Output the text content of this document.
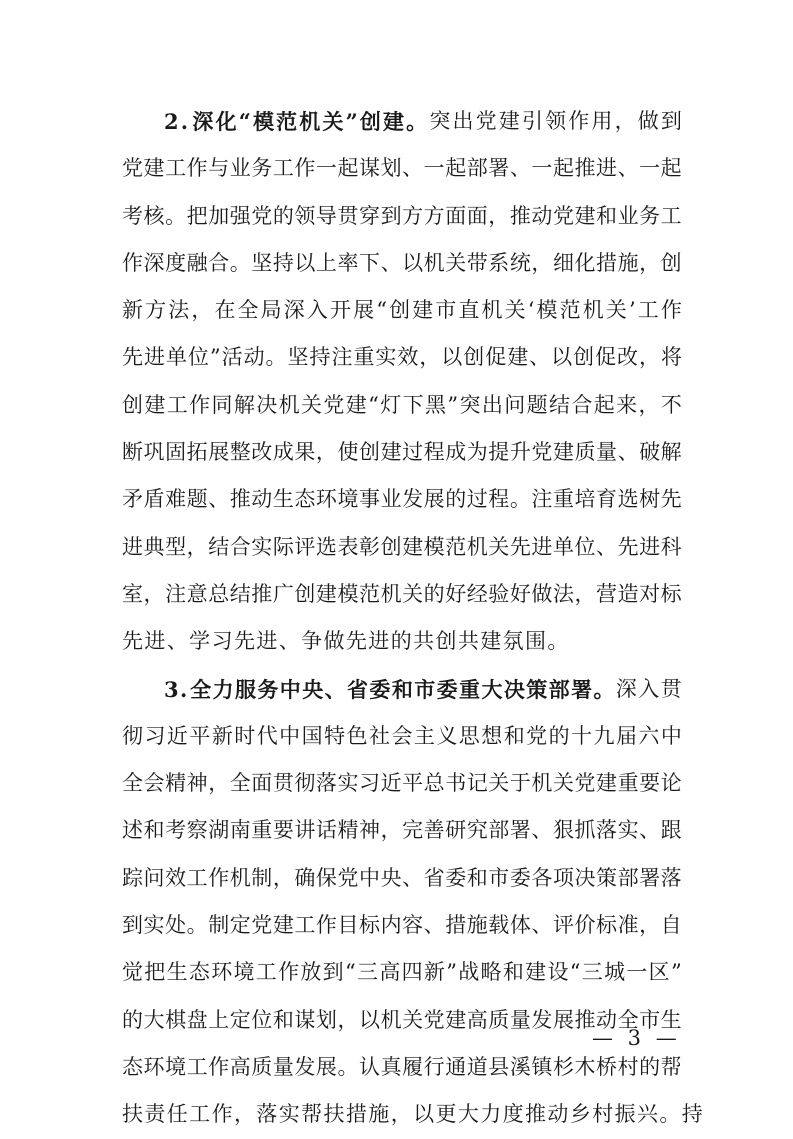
2 . 深 化 “ 模 范 机 关 ” 创 建 。 突 出 党 建 引 领 作 用 ， 做 到
党 建 工 作 与 业 务 工 作 一 起 谋 划 、 一 起 部 署 、 一 起 推 进 、 一 起
考 核 。 把 加 强 党 的 领 导 贯 穿 到 方 方 面 面 ， 推 动 党 建 和 业 务 工
作 深 度 融 合 。 坚 持 以 上 率 下 、 以 机 关 带 系 统 ， 细 化 措 施 ， 创
新 方 法 ， 在 全 局 深 入 开 展 “ 创 建 市 直 机 关 ‘ 模 范 机 关 ’ 工 作
先 进 单 位 ” 活 动 。 坚 持 注 重 实 效 ， 以 创 促 建 、 以 创 促 改 ， 将
创 建 工 作 同 解 决 机 关 党 建 “ 灯 下 黑 ” 突 出 问 题 结 合 起 来 ， 不
断 巩 固 拓 展 整 改 成 果 ， 使 创 建 过 程 成 为 提 升 党 建 质 量 、 破 解
矛 盾 难 题 、 推 动 生 态 环 境 事 业 发 展 的 过 程 。 注 重 培 育 选 树 先
进 典 型 ， 结 合 实 际 评 选 表 彰 创 建 模 范 机 关 先 进 单 位 、 先 进 科
室 ， 注 意 总 结 推 广 创 建 模 范 机 关 的 好 经 验 好 做 法 ， 营 造 对 标
先 进 、 学 习 先 进 、 争 做 先 进 的 共 创 共 建 氛 围 。
3 . 全 力 服 务 中 央 、 省 委 和 市 委 重 大 决 策 部 署 。 深 入 贯
彻 习 近 平 新 时 代 中 国 特 色 社 会 主 义 思 想 和 党 的 十 九 届 六 中
全 会 精 神 ， 全 面 贯 彻 落 实 习 近 平 总 书 记 关 于 机 关 党 建 重 要 论
述 和 考 察 湖 南 重 要 讲 话 精 神 ， 完 善 研 究 部 署 、 狠 抓 落 实 、 跟
踪 问 效 工 作 机 制 ， 确 保 党 中 央 、 省 委 和 市 委 各 项 决 策 部 署 落
到 实 处 。 制 定 党 建 工 作 目 标 内 容 、 措 施 载 体 、 评 价 标 准 ， 自
觉 把 生 态 环 境 工 作 放 到 “ 三 高 四 新 ” 战 略 和 建 设 “ 三 城 一 区 ”
的 大 棋 盘 上 定 位 和 谋 划 ， 以 机 关 党 建 高 质 量 发 展 推 动 全 市 生
态 环 境 工 作 高 质 量 发 展 。 认 真 履 行 通 道 县 溪 镇 杉 木 桥 村 的 帮
扶 责 任 工 作 ， 落 实 帮 扶 措 施 ， 以 更 大 力 度 推 动 乡 村 振 兴 。 持
— 3 —
